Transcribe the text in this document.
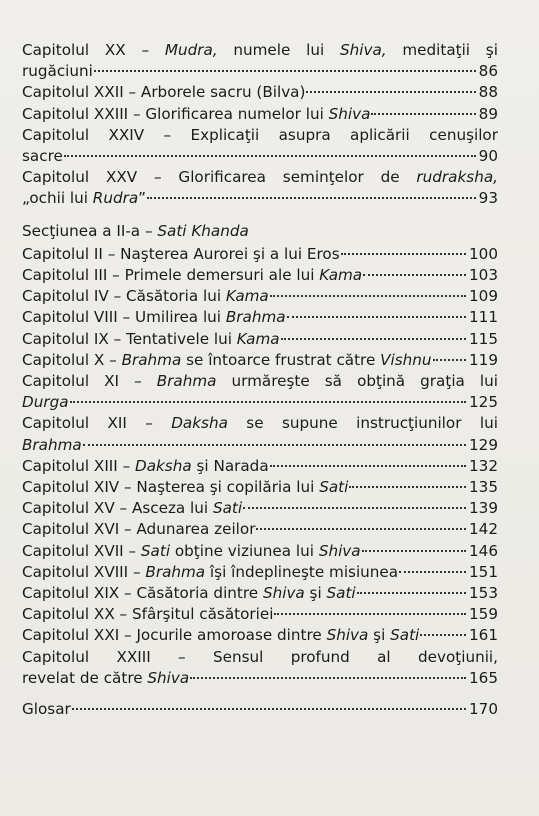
Capitolul XX – Mudra, numele lui Shiva, meditaţii şi
rugăciuni	86
Capitolul XXII – Arborele sacru (Bilva)	88
Capitolul XXIII – Glorificarea numelor lui Shiva	89
Capitolul XXIV – Explicaţii asupra aplicării cenuşilor
sacre	90
Capitolul XXV – Glorificarea seminţelor de rudraksha,
„ochii lui Rudra”	93
Secţiunea a II-a – Sati Khanda
Capitolul II – Naşterea Aurorei şi a lui Eros	100
Capitolul III – Primele demersuri ale lui Kama	103
Capitolul IV – Căsătoria lui Kama	109
Capitolul VIII – Umilirea lui Brahma	111
Capitolul IX – Tentativele lui Kama	115
Capitolul X – Brahma se întoarce frustrat către Vishnu 119
Capitolul XI – Brahma urmăreşte să obţină graţia lui
Durga	125
Capitolul XII – Daksha se supune instrucţiunilor lui
Brahma	129
Capitolul XIII – Daksha şi Narada	132
Capitolul XIV – Naşterea şi copilăria lui Sati	135
Capitolul XV – Asceza lui Sati	139
Capitolul XVI – Adunarea zeilor	142
Capitolul XVII – Sati obţine viziunea lui Shiva	146
Capitolul XVIII – Brahma îşi îndeplineşte misiunea	151
Capitolul XIX – Căsătoria dintre Shiva şi Sati	153
Capitolul XX – Sfârşitul căsătoriei	159
Capitolul XXI – Jocurile amoroase dintre Shiva şi Sati	161
Capitolul XXIII – Sensul profund al devoţiunii,
revelat de către Shiva	165
Glosar	170
